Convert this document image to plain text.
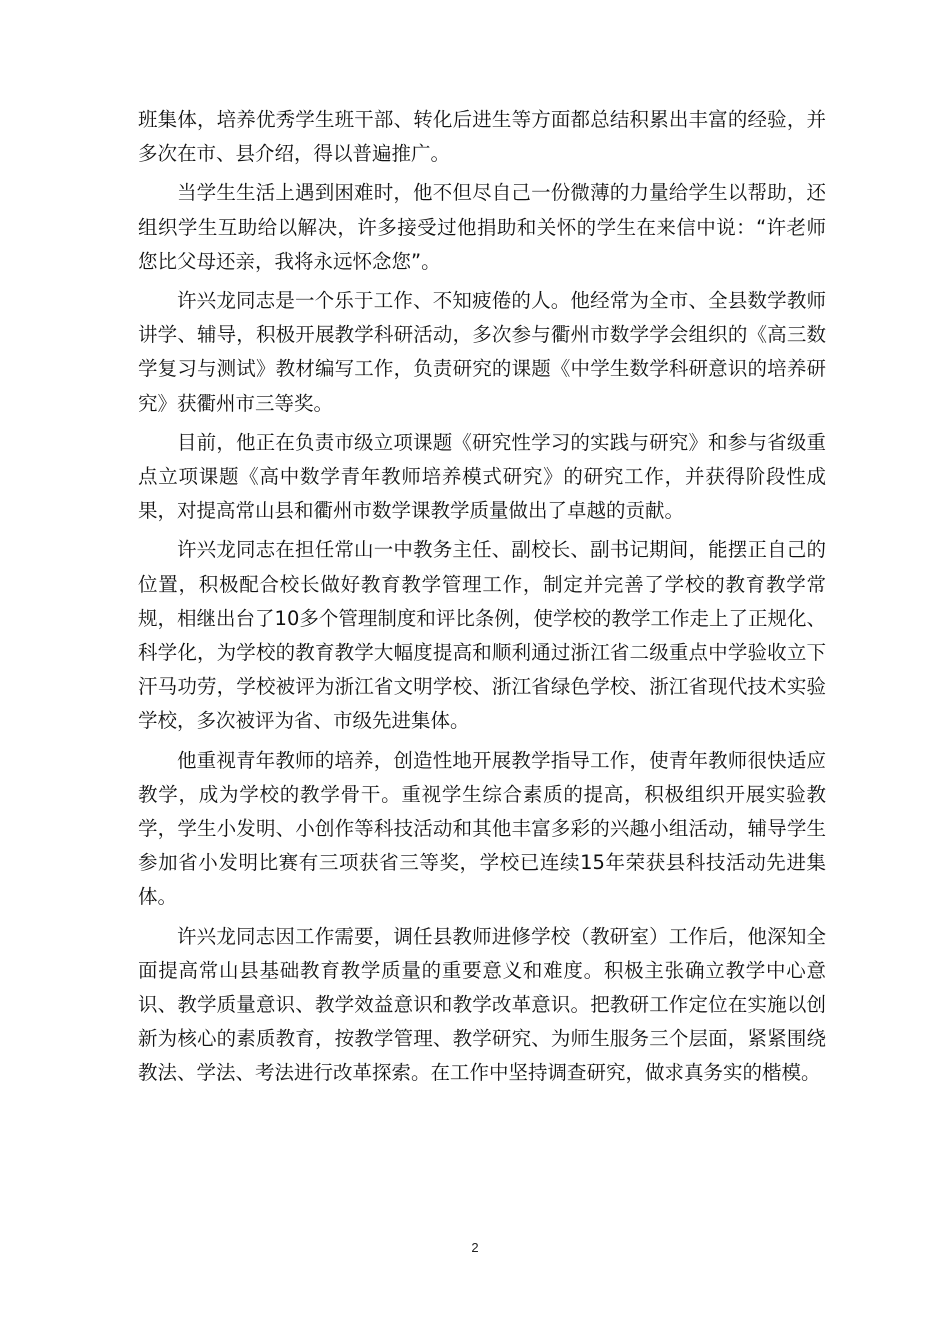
班集体，培养优秀学生班干部、转化后进生等方面都总结积累出丰富的经验，并多次在市、县介绍，得以普遍推广。

当学生生活上遇到困难时，他不但尽自己一份微薄的力量给学生以帮助，还组织学生互助给以解决，许多接受过他捐助和关怀的学生在来信中说：“许老师您比父母还亲，我将永远怀念您”。

许兴龙同志是一个乐于工作、不知疲倦的人。他经常为全市、全县数学教师讲学、辅导，积极开展教学科研活动，多次参与衢州市数学学会组织的《高三数学复习与测试》教材编写工作，负责研究的课题《中学生数学科研意识的培养研究》获衢州市三等奖。

目前，他正在负责市级立项课题《研究性学习的实践与研究》和参与省级重点立项课题《高中数学青年教师培养模式研究》的研究工作，并获得阶段性成果，对提高常山县和衢州市数学课教学质量做出了卓越的贡献。

许兴龙同志在担任常山一中教务主任、副校长、副书记期间，能摆正自己的位置，积极配合校长做好教育教学管理工作，制定并完善了学校的教育教学常规，相继出台了10多个管理制度和评比条例，使学校的教学工作走上了正规化、科学化，为学校的教育教学大幅度提高和顺利通过浙江省二级重点中学验收立下汗马功劳，学校被评为浙江省文明学校、浙江省绿色学校、浙江省现代技术实验学校，多次被评为省、市级先进集体。

他重视青年教师的培养，创造性地开展教学指导工作，使青年教师很快适应教学，成为学校的教学骨干。重视学生综合素质的提高，积极组织开展实验教学，学生小发明、小创作等科技活动和其他丰富多彩的兴趣小组活动，辅导学生参加省小发明比赛有三项获省三等奖，学校已连续15年荣获县科技活动先进集体。

许兴龙同志因工作需要，调任县教师进修学校（教研室）工作后，他深知全面提高常山县基础教育教学质量的重要意义和难度。积极主张确立教学中心意识、教学质量意识、教学效益意识和教学改革意识。把教研工作定位在实施以创新为核心的素质教育，按教学管理、教学研究、为师生服务三个层面，紧紧围绕教法、学法、考法进行改革探索。在工作中坚持调查研究，做求真务实的楷模。

2
